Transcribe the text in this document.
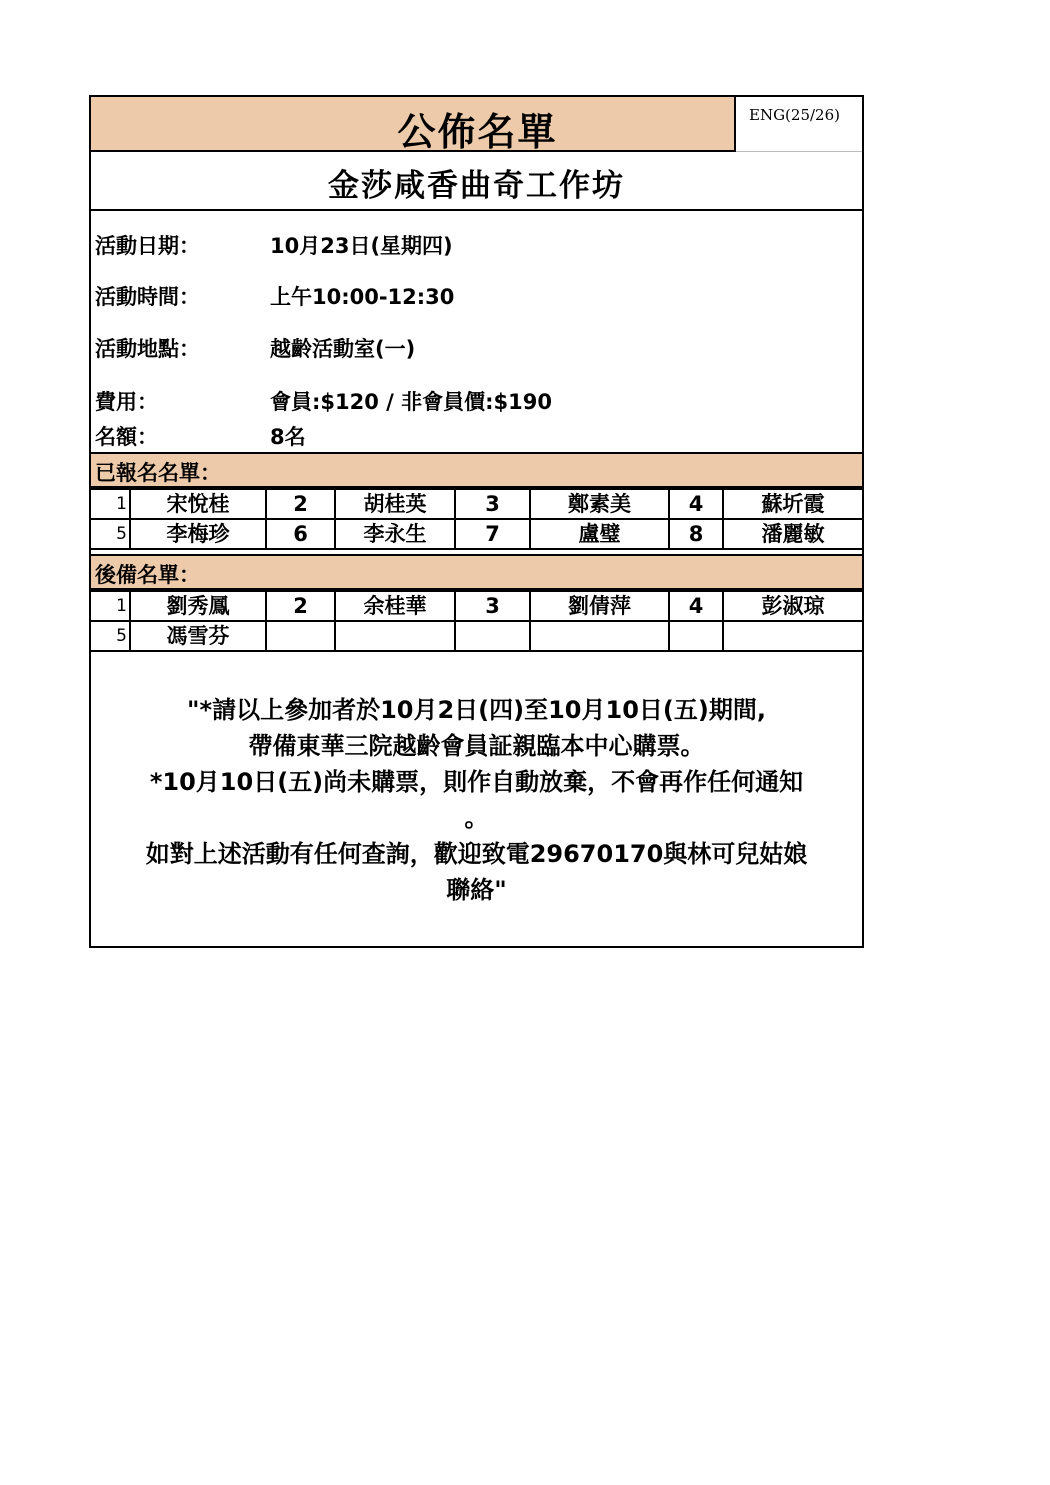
公佈名單	ENG(25/26)
金莎咸香曲奇工作坊
活動日期：	10月23日(星期四)
活動時間：	上午10:00-12:30
活動地點：	越齡活動室(一)
費用：	會員:$120 / 非會員價:$190
名額：	8名
已報名名單：
1	宋悅桂	2	胡桂英	3	鄭素美	4	蘇圻霞
5	李梅珍	6	李永生	7	盧璧	8	潘麗敏
後備名單：
1	劉秀鳳	2	余桂華	3	劉倩萍	4	彭淑琼
5	馮雪芬						
"*請以上參加者於10月2日(四)至10月10日(五)期間,
帶備東華三院越齡會員証親臨本中心購票。
*10月10日(五)尚未購票，則作自動放棄，不會再作任何通知
。
如對上述活動有任何查詢，歡迎致電29670170與林可兒姑娘
聯絡"
